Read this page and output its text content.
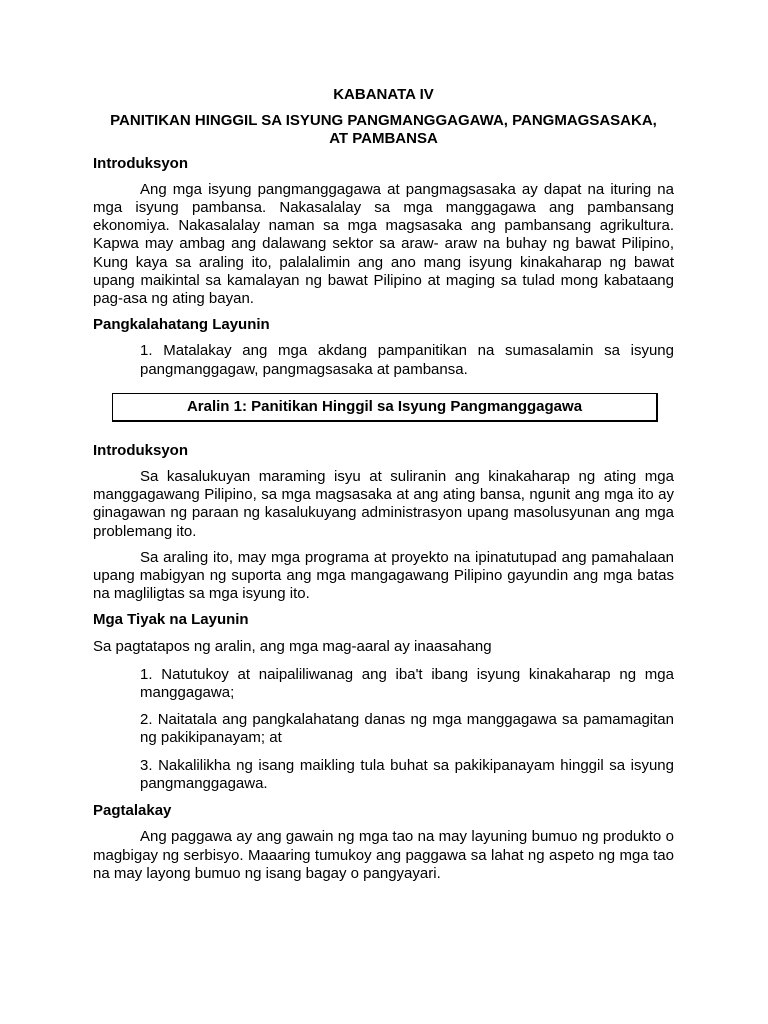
KABANATA IV
PANITIKAN HINGGIL SA ISYUNG PANGMANGGAGAWA, PANGMAGSASAKA,
AT PAMBANSA
Introduksyon
Ang mga isyung pangmanggagawa at pangmagsasaka ay dapat na ituring na mga isyung pambansa. Nakasalalay sa mga manggagawa ang pambansang ekonomiya. Nakasalalay naman sa mga magsasaka ang pambansang agrikultura. Kapwa may ambag ang dalawang sektor sa araw- araw na buhay ng bawat Pilipino, Kung kaya sa araling ito, palalalimin ang ano mang isyung kinakaharap ng bawat upang maikintal sa kamalayan ng bawat Pilipino at maging sa tulad mong kabataang pag-asa ng ating bayan.
Pangkalahatang Layunin
1. Matalakay ang mga akdang pampanitikan na sumasalamin sa isyung pangmanggagaw, pangmagsasaka at pambansa.
Aralin 1: Panitikan Hinggil sa Isyung Pangmanggagawa
Introduksyon
Sa kasalukuyan maraming isyu at suliranin ang kinakaharap ng ating mga manggagawang Pilipino, sa mga magsasaka at ang ating bansa, ngunit ang mga ito ay ginagawan ng paraan ng kasalukuyang administrasyon upang masolusyunan ang mga problemang ito.
Sa araling ito, may mga programa at proyekto na ipinatutupad ang pamahalaan upang mabigyan ng suporta ang mga mangagawang Pilipino gayundin ang mga batas na magliligtas sa mga isyung ito.
Mga Tiyak na Layunin
Sa pagtatapos ng aralin, ang mga mag-aaral ay inaasahang
1. Natutukoy at naipaliliwanag ang iba't ibang isyung kinakaharap ng mga manggagawa;
2. Naitatala ang pangkalahatang danas ng mga manggagawa sa pamamagitan ng pakikipanayam; at
3. Nakalilikha ng isang maikling tula buhat sa pakikipanayam hinggil sa isyung pangmanggagawa.
Pagtalakay
Ang paggawa ay ang gawain ng mga tao na may layuning bumuo ng produkto o magbigay ng serbisyo. Maaaring tumukoy ang paggawa sa lahat ng aspeto ng mga tao na may layong bumuo ng isang bagay o pangyayari.
